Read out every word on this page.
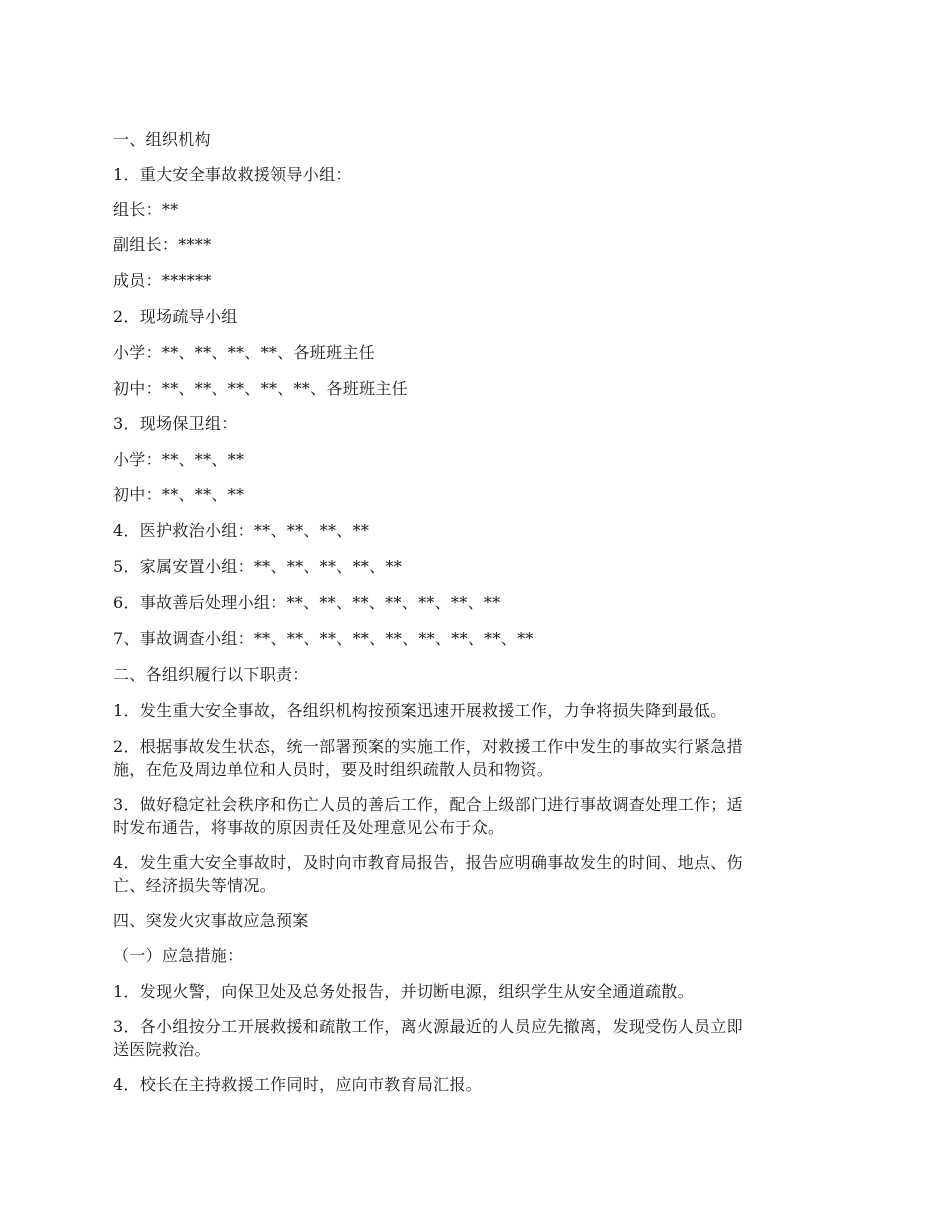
一、组织机构
1．重大安全事故救援领导小组：
组长：**
副组长：****
成员：******
2．现场疏导小组
小学：**、**、**、**、各班班主任
初中：**、**、**、**、**、各班班主任
3．现场保卫组：
小学：**、**、**
初中：**、**、**
4．医护救治小组：**、**、**、**
5．家属安置小组：**、**、**、**、**
6．事故善后处理小组：**、**、**、**、**、**、**
7、事故调查小组：**、**、**、**、**、**、**、**、**
二、各组织履行以下职责：
1．发生重大安全事故，各组织机构按预案迅速开展救援工作，力争将损失降到最低。
2．根据事故发生状态，统一部署预案的实施工作，对救援工作中发生的事故实行紧急措
施，在危及周边单位和人员时，要及时组织疏散人员和物资。
3．做好稳定社会秩序和伤亡人员的善后工作，配合上级部门进行事故调查处理工作；适
时发布通告，将事故的原因责任及处理意见公布于众。
4．发生重大安全事故时，及时向市教育局报告，报告应明确事故发生的时间、地点、伤
亡、经济损失等情况。
四、突发火灾事故应急预案
（一）应急措施：
1．发现火警，向保卫处及总务处报告，并切断电源，组织学生从安全通道疏散。
3．各小组按分工开展救援和疏散工作，离火源最近的人员应先撤离，发现受伤人员立即
送医院救治。
4．校长在主持救援工作同时，应向市教育局汇报。
